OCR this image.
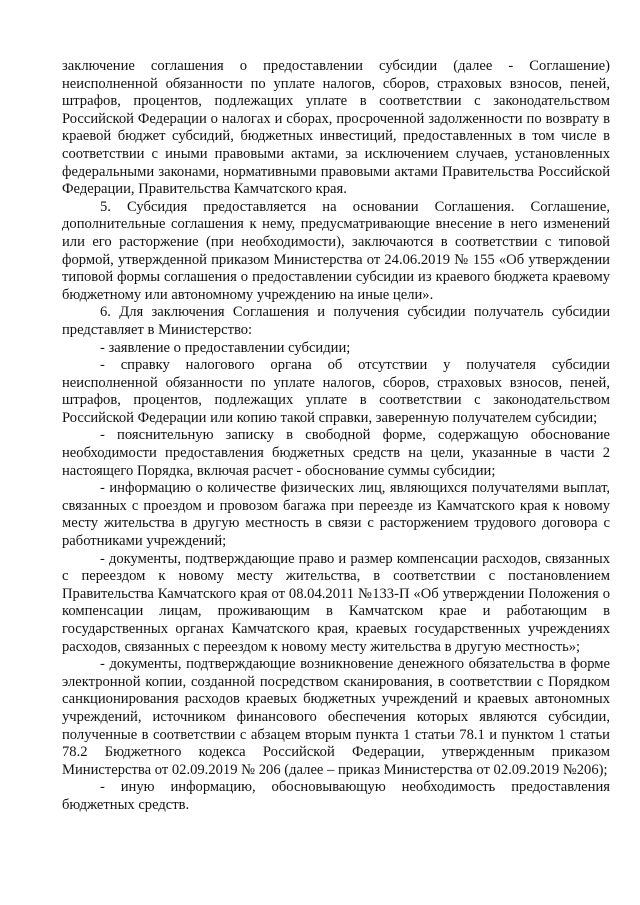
заключение соглашения о предоставлении субсидии (далее - Соглашение) неисполненной обязанности по уплате налогов, сборов, страховых взносов, пеней, штрафов, процентов, подлежащих уплате в соответствии с законодательством Российской Федерации о налогах и сборах, просроченной задолженности по возврату в краевой бюджет субсидий, бюджетных инвестиций, предоставленных в том числе в соответствии с иными правовыми актами, за исключением случаев, установленных федеральными законами, нормативными правовыми актами Правительства Российской Федерации, Правительства Камчатского края.

5. Субсидия предоставляется на основании Соглашения. Соглашение, дополнительные соглашения к нему, предусматривающие внесение в него изменений или его расторжение (при необходимости), заключаются в соответствии с типовой формой, утвержденной приказом Министерства от 24.06.2019 № 155 «Об утверждении типовой формы соглашения о предоставлении субсидии из краевого бюджета краевому бюджетному или автономному учреждению на иные цели».

6. Для заключения Соглашения и получения субсидии получатель субсидии представляет в Министерство:

- заявление о предоставлении субсидии;

- справку налогового органа об отсутствии у получателя субсидии неисполненной обязанности по уплате налогов, сборов, страховых взносов, пеней, штрафов, процентов, подлежащих уплате в соответствии с законодательством Российской Федерации или копию такой справки, заверенную получателем субсидии;

- пояснительную записку в свободной форме, содержащую обоснование необходимости предоставления бюджетных средств на цели, указанные в части 2 настоящего Порядка, включая расчет - обоснование суммы субсидии;

- информацию о количестве физических лиц, являющихся получателями выплат, связанных с проездом и провозом багажа при переезде из Камчатского края к новому месту жительства в другую местность в связи с расторжением трудового договора с работниками учреждений;

- документы, подтверждающие право и размер компенсации расходов, связанных с переездом к новому месту жительства, в соответствии с постановлением Правительства Камчатского края от 08.04.2011 №133-П «Об утверждении Положения о компенсации лицам, проживающим в Камчатском крае и работающим в государственных органах Камчатского края, краевых государственных учреждениях расходов, связанных с переездом к новому месту жительства в другую местность»;

- документы, подтверждающие возникновение денежного обязательства в форме электронной копии, созданной посредством сканирования, в соответствии с Порядком санкционирования расходов краевых бюджетных учреждений и краевых автономных учреждений, источником финансового обеспечения которых являются субсидии, полученные в соответствии с абзацем вторым пункта 1 статьи 78.1 и пунктом 1 статьи 78.2 Бюджетного кодекса Российской Федерации, утвержденным приказом Министерства от 02.09.2019 № 206 (далее – приказ Министерства от 02.09.2019 №206);

- иную информацию, обосновывающую необходимость предоставления бюджетных средств.
